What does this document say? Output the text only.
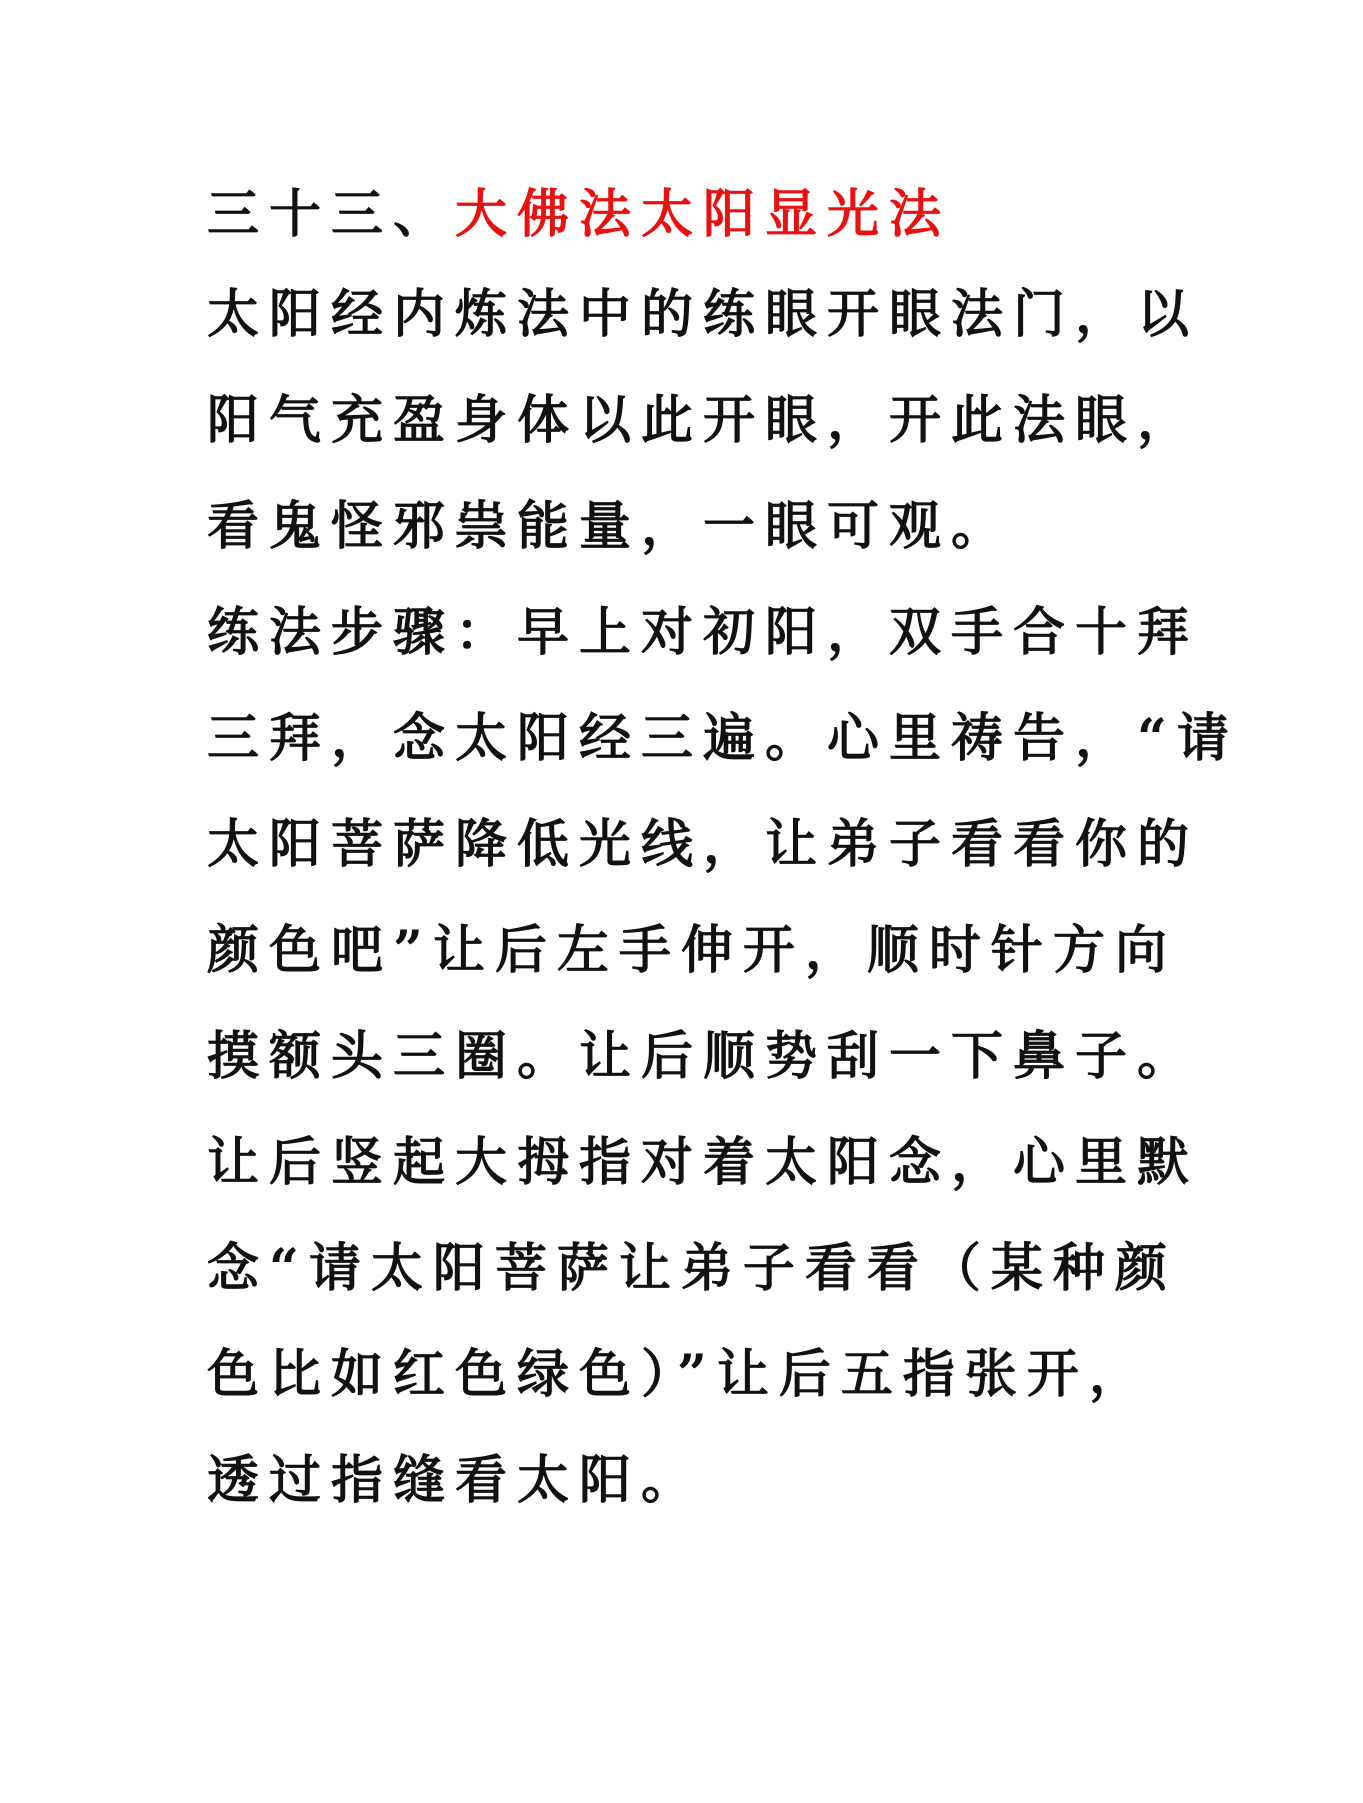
三十三、大佛法太阳显光法
太阳经内炼法中的练眼开眼法门，以
阳气充盈身体以此开眼，开此法眼，
看鬼怪邪祟能量，一眼可观。
练法步骤：早上对初阳，双手合十拜
三拜，念太阳经三遍。心里祷告，“请
太阳菩萨降低光线，让弟子看看你的
颜色吧”让后左手伸开，顺时针方向
摸额头三圈。让后顺势刮一下鼻子。
让后竖起大拇指对着太阳念，心里默
念“请太阳菩萨让弟子看看（某种颜
色比如红色绿色）”让后五指张开，
透过指缝看太阳。
